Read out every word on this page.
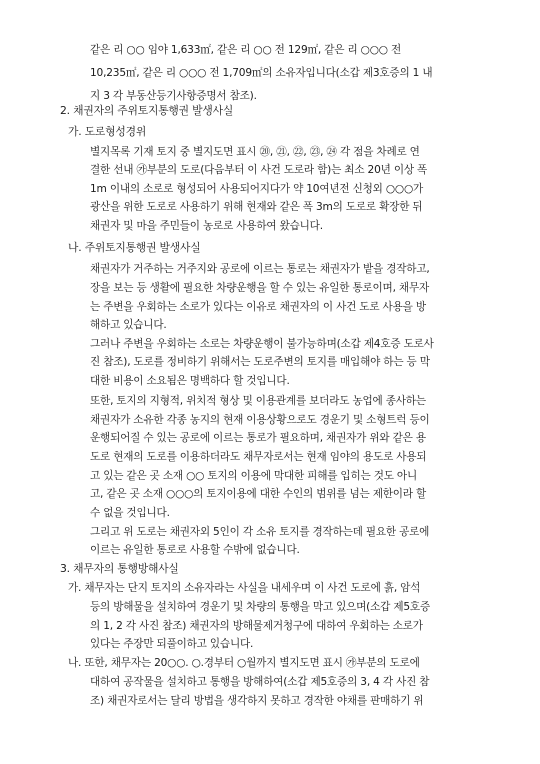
같은 리 ○○ 임야 1,633㎡, 같은 리 ○○ 전 129㎡, 같은 리 ○○○ 전
10,235㎡, 같은 리 ○○○ 전 1,709㎡의 소유자입니다(소갑 제3호증의 1 내
지 3 각 부동산등기사항증명서 참조).
2. 채권자의 주위토지통행권 발생사실
가. 도로형성경위
별지목록 기재 토지 중 별지도면 표시 ⑳, ㉑, ㉒, ㉓, ㉔ 각 점을 차례로 연
결한 선내 ㉮부분의 도로(다음부터 이 사건 도로라 함)는 최소 20년 이상 폭
1m 이내의 소로로 형성되어 사용되어지다가 약 10여년전 신청외 ○○○가
광산을 위한 도로로 사용하기 위해 현재와 같은 폭 3m의 도로로 확장한 뒤
채권자 및 마을 주민들이 농로로 사용하여 왔습니다.
나. 주위토지통행권 발생사실
채권자가 거주하는 거주지와 공로에 이르는 통로는 채권자가 밭을 경작하고,
장을 보는 등 생활에 필요한 차량운행을 할 수 있는 유일한 통로이며, 채무자
는 주변을 우회하는 소로가 있다는 이유로 채권자의 이 사건 도로 사용을 방
해하고 있습니다.
그러나 주변을 우회하는 소로는 차량운행이 불가능하며(소갑 제4호증 도로사
진 참조), 도로를 정비하기 위해서는 도로주변의 토지를 매입해야 하는 등 막
대한 비용이 소요됨은 명백하다 할 것입니다.
또한, 토지의 지형적, 위치적 형상 및 이용관계를 보더라도 농업에 종사하는
채권자가 소유한 각종 농지의 현재 이용상황으로도 경운기 및 소형트럭 등이
운행되어질 수 있는 공로에 이르는 통로가 필요하며, 채권자가 위와 같은 용
도로 현재의 도로를 이용하더라도 채무자로서는 현재 임야의 용도로 사용되
고 있는 같은 곳 소재 ○○ 토지의 이용에 막대한 피해를 입히는 것도 아니
고, 같은 곳 소재 ○○○의 토지이용에 대한 수인의 범위를 넘는 제한이라 할
수 없을 것입니다.
그리고 위 도로는 채권자외 5인이 각 소유 토지를 경작하는데 필요한 공로에
이르는 유일한 통로로 사용할 수밖에 없습니다.
3. 채무자의 통행방해사실
가. 채무자는 단지 토지의 소유자라는 사실을 내세우며 이 사건 도로에 흙, 암석
등의 방해물을 설치하여 경운기 및 차량의 통행을 막고 있으며(소갑 제5호증
의 1, 2 각 사진 참조) 채권자의 방해물제거청구에 대하여 우회하는 소로가
있다는 주장만 되풀이하고 있습니다.
나. 또한, 채무자는 20○○. ○.경부터 ○월까지 별지도면 표시 ㉮부분의 도로에
대하여 공작물을 설치하고 통행을 방해하여(소갑 제5호증의 3, 4 각 사진 참
조) 채권자로서는 달리 방법을 생각하지 못하고 경작한 야채를 판매하기 위
